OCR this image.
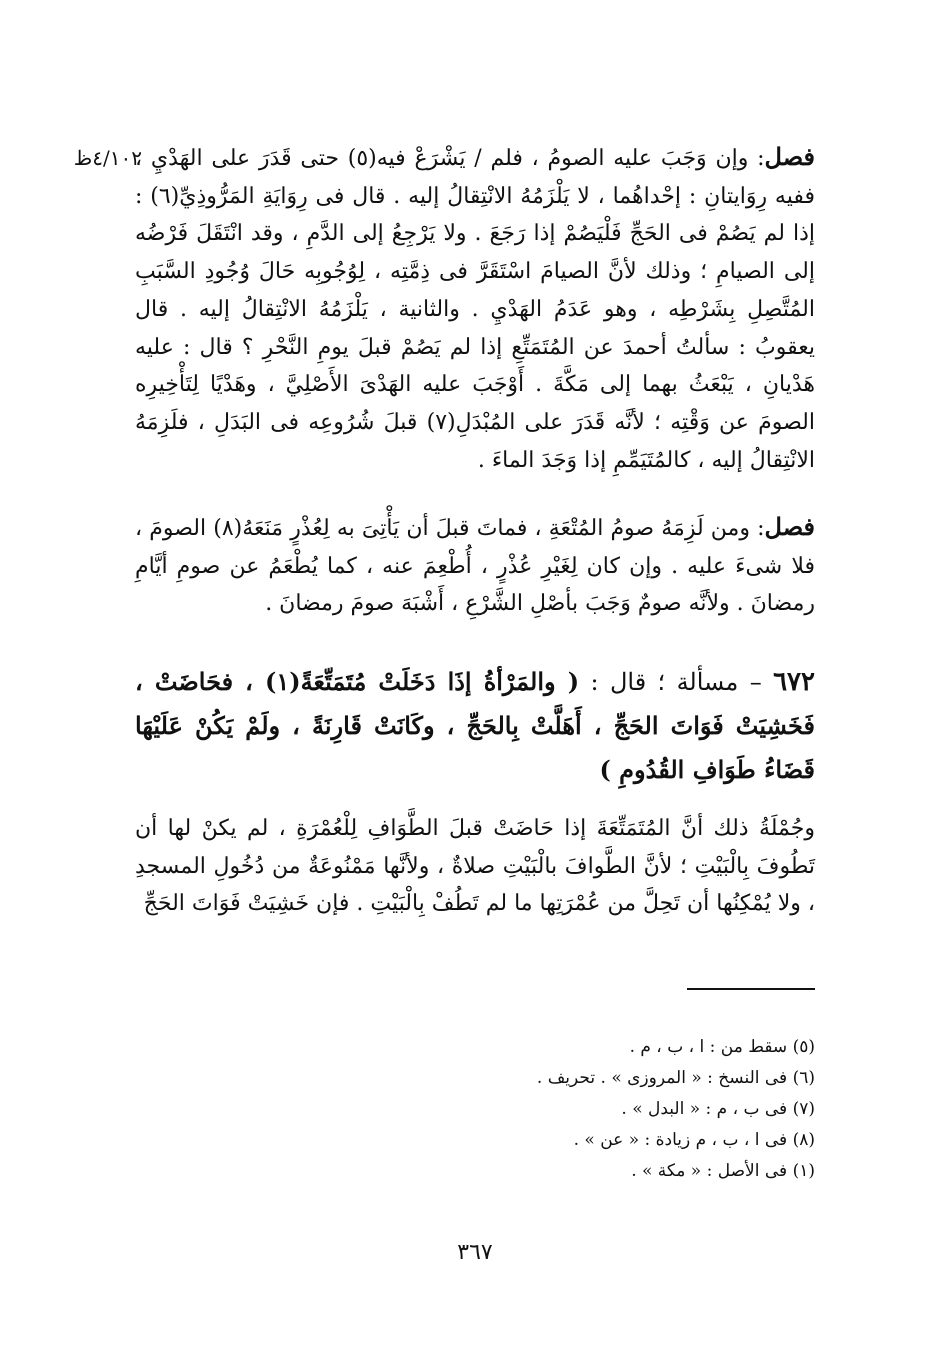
٤/١٠٢ظ	فصل: وإن وَجَبَ عليه الصومُ ، فلم / يَشْرَعْ فيه(٥) حتى قَدَرَ على الهَدْيِ ، ففيه رِوَايتانِ : إحْداهُما ، لا يَلْزَمُهُ الانْتِقالُ إليه . قال فى رِوَايَةِ المَرُّوذِيِّ(٦) : إذا لم يَصُمْ فى الحَجِّ فَلْيَصُمْ إذا رَجَعَ . ولا يَرْجِعُ إلى الدَّمِ ، وقد انْتَقَلَ فَرْضُه إلى الصيامِ ؛ وذلك لأنَّ الصيامَ اسْتَقَرَّ فى ذِمَّتِه ، لِوُجُوبِه حَالَ وُجُودِ السَّبَبِ المُتَّصِلِ بِشَرْطِه ، وهو عَدَمُ الهَدْيِ . والثانية ، يَلْزَمُهُ الانْتِقالُ إليه . قال يعقوبُ : سألتُ أحمدَ عن المُتَمَتِّعِ إذا لم يَصُمْ قبلَ يومِ النَّحْرِ ؟ قال : عليه هَدْيانِ ، يَبْعَثُ بهما إلى مَكَّةَ . أَوْجَبَ عليه الهَدْىَ الأَصْلِيَّ ، وهَدْيًا لِتَأْخِيرِه الصومَ عن وَقْتِه ؛ لأنَّه قَدَرَ على المُبْدَلِ(٧) قبلَ شُرُوعِه فى البَدَلِ ، فلَزِمَهُ الانْتِقالُ إليه ، كالمُتَيَمِّمِ إذا وَجَدَ الماءَ .

فصل: ومن لَزِمَهُ صومُ المُتْعَةِ ، فماتَ قبلَ أن يَأْتِىَ به لِعُذْرٍ مَنَعَهُ(٨) الصومَ ، فلا شىءَ عليه . وإن كان لِغَيْرِ عُذْرٍ ، أُطْعِمَ عنه ، كما يُطْعَمُ عن صومِ أيَّامِ رمضانَ . ولأنَّه صومٌ وَجَبَ بأصْلِ الشَّرْعِ ، أَشْبَهَ صومَ رمضانَ .

٦٧٢ – مسألة ؛ قال : ( والمَرْأةُ إذَا دَخَلَتْ مُتَمَتِّعَةً(١) ، فحَاضَتْ ، فَخَشِيَتْ فَوَاتَ الحَجِّ ، أَهَلَّتْ بِالحَجِّ ، وكَانَتْ قَارِنَةً ، ولَمْ يَكُنْ عَلَيْهَا قَضَاءُ طَوَافِ القُدُومِ )

وجُمْلَةُ ذلك أنَّ المُتَمَتِّعَةَ إذا حَاضَتْ قبلَ الطَّوَافِ لِلْعُمْرَةِ ، لم يكنْ لها أن تَطُوفَ بِالْبَيْتِ ؛ لأنَّ الطَّوافَ بالْبَيْتِ صلاةٌ ، ولأنَّها مَمْنُوعَةٌ من دُخُولِ المسجدِ ، ولا يُمْكِنُها أن تَحِلَّ من عُمْرَتِها ما لم تَطُفْ بِالْبَيْتِ . فإن خَشِيَتْ فَوَاتَ الحَجِّ

(٥) سقط من : ا ، ب ، م .

(٦) فى النسخ : « المروزى » . تحريف .

(٧) فى ب ، م : « البدل » .

(٨) فى ا ، ب ، م زيادة : « عن » .

(١) فى الأصل : « مكة » .

٣٦٧
